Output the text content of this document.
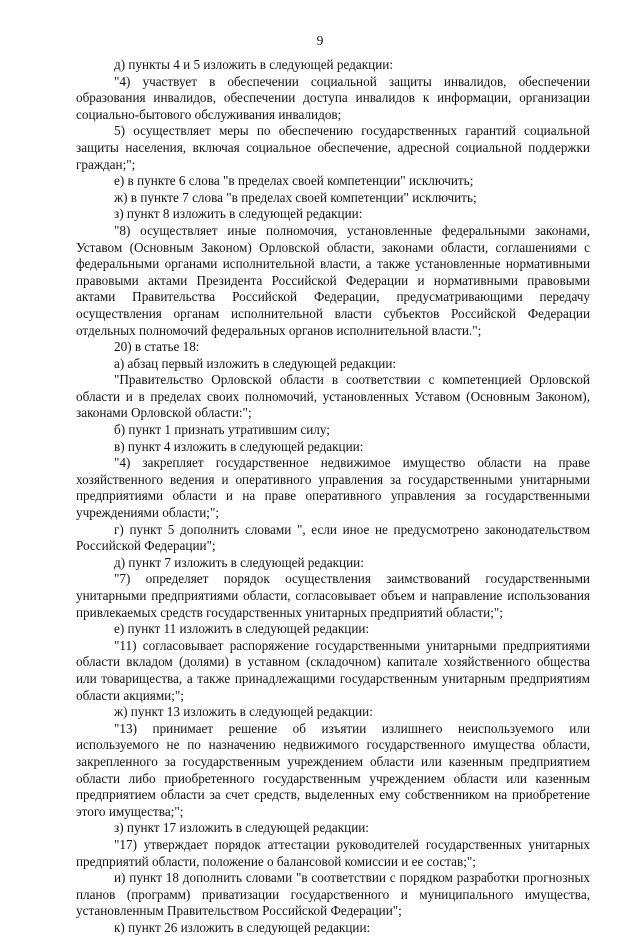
9

д) пункты 4 и 5 изложить в следующей редакции:

"4) участвует в обеспечении социальной защиты инвалидов, обеспечении образования инвалидов, обеспечении доступа инвалидов к информации, организации социально-бытового обслуживания инвалидов;

5) осуществляет меры по обеспечению государственных гарантий социальной защиты населения, включая социальное обеспечение, адресной социальной поддержки граждан;";

е) в пункте 6 слова "в пределах своей компетенции" исключить;

ж) в пункте 7 слова "в пределах своей компетенции" исключить;

з) пункт 8 изложить в следующей редакции:

"8) осуществляет иные полномочия, установленные федеральными законами, Уставом (Основным Законом) Орловской области, законами области, соглашениями с федеральными органами исполнительной власти, а также установленные нормативными правовыми актами Президента Российской Федерации и нормативными правовыми актами Правительства Российской Федерации, предусматривающими передачу осуществления органам исполнительной власти субъектов Российской Федерации отдельных полномочий федеральных органов исполнительной власти.";

20) в статье 18:

а) абзац первый изложить в следующей редакции:

"Правительство Орловской области в соответствии с компетенцией Орловской области и в пределах своих полномочий, установленных Уставом (Основным Законом), законами Орловской области:";

б) пункт 1 признать утратившим силу;

в) пункт 4 изложить в следующей редакции:

"4) закрепляет государственное недвижимое имущество области на праве хозяйственного ведения и оперативного управления за государственными унитарными предприятиями области и на праве оперативного управления за государственными учреждениями области;";

г) пункт 5 дополнить словами ", если иное не предусмотрено законодательством Российской Федерации";

д) пункт 7 изложить в следующей редакции:

"7) определяет порядок осуществления заимствований государственными унитарными предприятиями области, согласовывает объем и направление использования привлекаемых средств государственных унитарных предприятий области;";

е) пункт 11 изложить в следующей редакции:

"11) согласовывает распоряжение государственными унитарными предприятиями области вкладом (долями) в уставном (складочном) капитале хозяйственного общества или товарищества, а также принадлежащими государственным унитарным предприятиям области акциями;";

ж) пункт 13 изложить в следующей редакции:

"13) принимает решение об изъятии излишнего неиспользуемого или используемого не по назначению недвижимого государственного имущества области, закрепленного за государственным учреждением области или казенным предприятием области либо приобретенного государственным учреждением области или казенным предприятием области за счет средств, выделенных ему собственником на приобретение этого имущества;";

з) пункт 17 изложить в следующей редакции:

"17) утверждает порядок аттестации руководителей государственных унитарных предприятий области, положение о балансовой комиссии и ее состав;";

и) пункт 18 дополнить словами "в соответствии с порядком разработки прогнозных планов (программ) приватизации государственного и муниципального имущества, установленным Правительством Российской Федерации";

к) пункт 26 изложить в следующей редакции:
